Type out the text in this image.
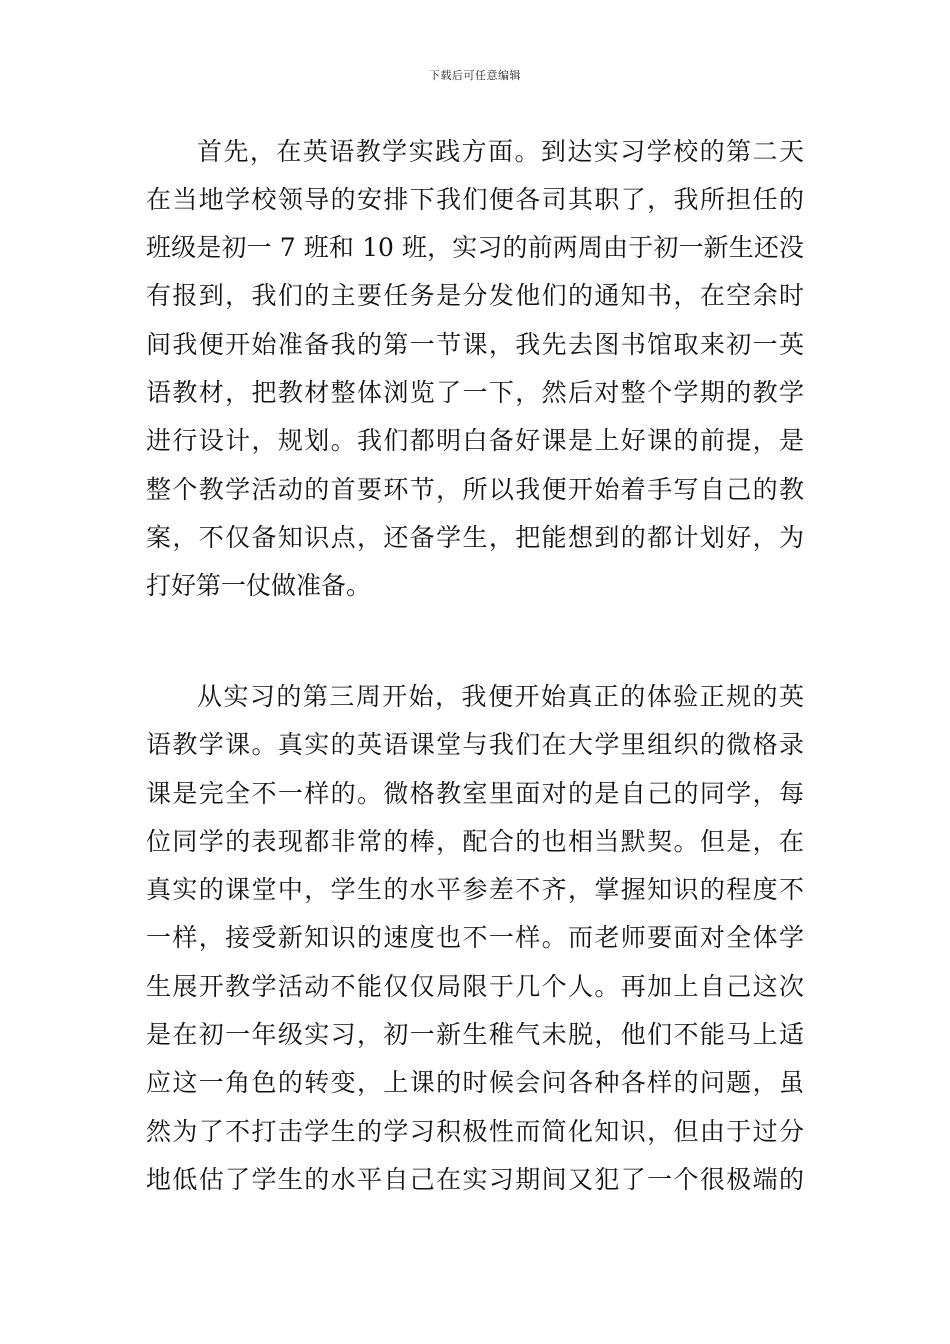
下载后可任意编辑
首先，在英语教学实践方面。到达实习学校的第二天
在当地学校领导的安排下我们便各司其职了，我所担任的
班级是初一 7 班和 10 班，实习的前两周由于初一新生还没
有报到，我们的主要任务是分发他们的通知书，在空余时
间我便开始准备我的第一节课，我先去图书馆取来初一英
语教材，把教材整体浏览了一下，然后对整个学期的教学
进行设计，规划。我们都明白备好课是上好课的前提，是
整个教学活动的首要环节，所以我便开始着手写自己的教
案，不仅备知识点，还备学生，把能想到的都计划好，为
打好第一仗做准备。
从实习的第三周开始，我便开始真正的体验正规的英
语教学课。真实的英语课堂与我们在大学里组织的微格录
课是完全不一样的。微格教室里面对的是自己的同学，每
位同学的表现都非常的棒，配合的也相当默契。但是，在
真实的课堂中，学生的水平参差不齐，掌握知识的程度不
一样，接受新知识的速度也不一样。而老师要面对全体学
生展开教学活动不能仅仅局限于几个人。再加上自己这次
是在初一年级实习，初一新生稚气未脱，他们不能马上适
应这一角色的转变，上课的时候会问各种各样的问题，虽
然为了不打击学生的学习积极性而简化知识，但由于过分
地低估了学生的水平自己在实习期间又犯了一个很极端的
